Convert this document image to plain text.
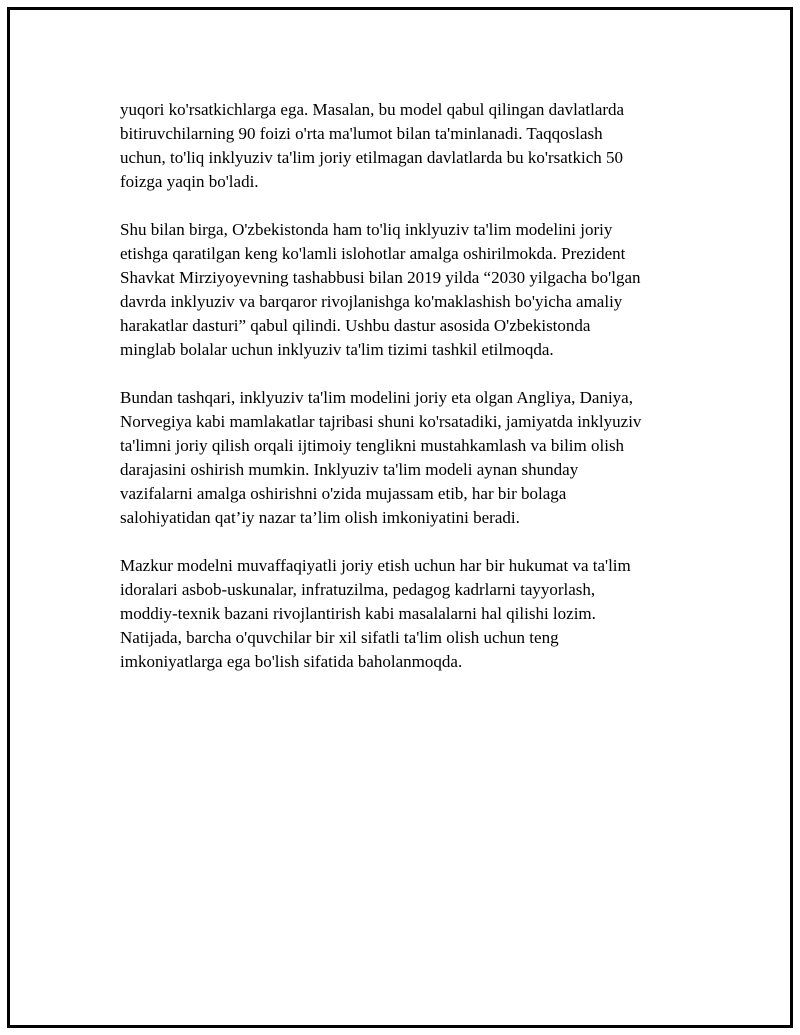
yuqori ko'rsatkichlarga ega. Masalan, bu model qabul qilingan davlatlarda
bitiruvchilarning 90 foizi o'rta ma'lumot bilan ta'minlanadi. Taqqoslash
uchun, to'liq inklyuziv ta'lim joriy etilmagan davlatlarda bu ko'rsatkich 50
foizga yaqin bo'ladi.

Shu bilan birga, O'zbekistonda ham to'liq inklyuziv ta'lim modelini joriy
etishga qaratilgan keng ko'lamli islohotlar amalga oshirilmokda. Prezident
Shavkat Mirziyoyevning tashabbusi bilan 2019 yilda “2030 yilgacha bo'lgan
davrda inklyuziv va barqaror rivojlanishga ko'maklashish bo'yicha amaliy
harakatlar dasturi” qabul qilindi. Ushbu dastur asosida O'zbekistonda
minglab bolalar uchun inklyuziv ta'lim tizimi tashkil etilmoqda.

Bundan tashqari, inklyuziv ta'lim modelini joriy eta olgan Angliya, Daniya,
Norvegiya kabi mamlakatlar tajribasi shuni ko'rsatadiki, jamiyatda inklyuziv
ta'limni joriy qilish orqali ijtimoiy tenglikni mustahkamlash va bilim olish
darajasini oshirish mumkin. Inklyuziv ta'lim modeli aynan shunday
vazifalarni amalga oshirishni o'zida mujassam etib, har bir bolaga
salohiyatidan qat’iy nazar ta’lim olish imkoniyatini beradi.

Mazkur modelni muvaffaqiyatli joriy etish uchun har bir hukumat va ta'lim
idoralari asbob-uskunalar, infratuzilma, pedagog kadrlarni tayyorlash,
moddiy-texnik bazani rivojlantirish kabi masalalarni hal qilishi lozim.
Natijada, barcha o'quvchilar bir xil sifatli ta'lim olish uchun teng
imkoniyatlarga ega bo'lish sifatida baholanmoqda.
